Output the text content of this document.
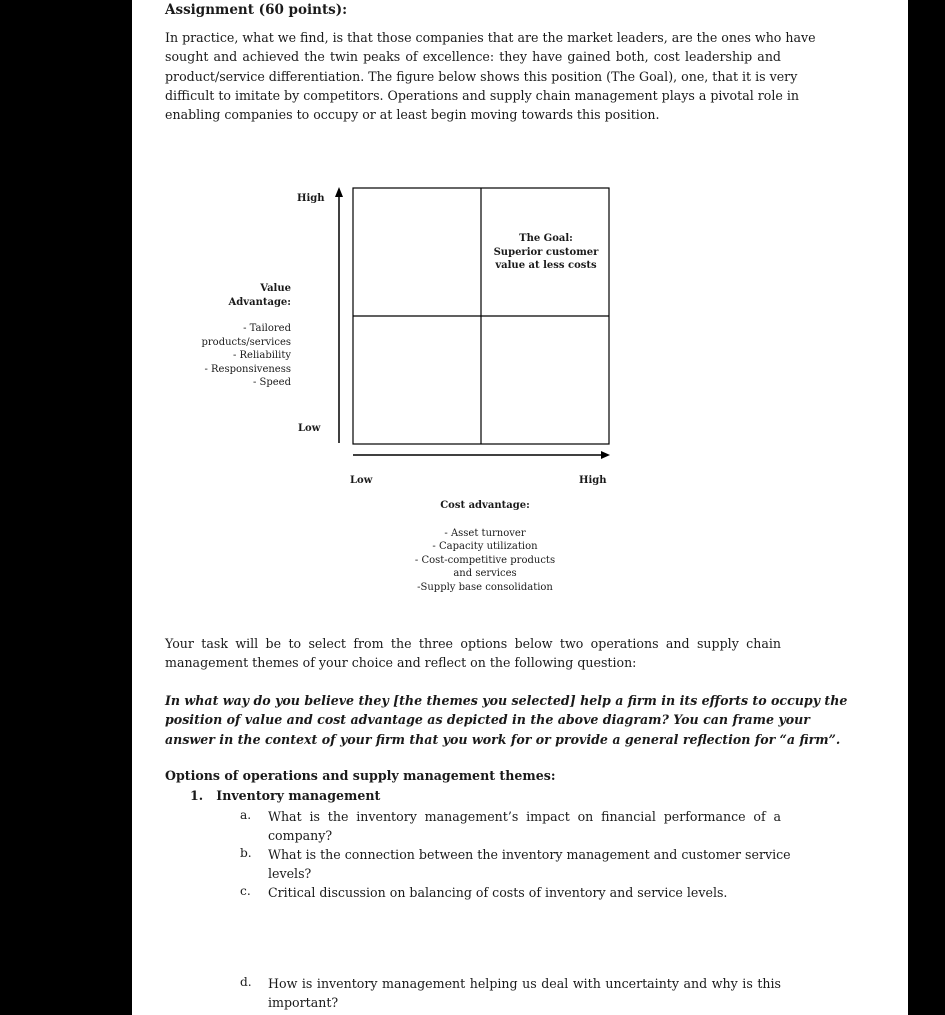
Assignment (60 points):
In practice, what we find, is that those companies that are the market leaders, are the ones who have
sought and achieved the twin peaks of excellence: they have gained both, cost leadership and
product/service differentiation. The figure below shows this position (The Goal), one, that it is very
difficult to imitate by competitors. Operations and supply chain management plays a pivotal role in
enabling companies to occupy or at least begin moving towards this position.
High
Low
Low	High
Value
Advantage:
- Tailored
products/services
- Reliability
- Responsiveness
- Speed
The Goal:
Superior customer
value at less costs
Cost advantage:
- Asset turnover
- Capacity utilization
- Cost-competitive products
and services
-Supply base consolidation
Your task will be to select from the three options below two operations and supply chain
management themes of your choice and reflect on the following question:
In what way do you believe they [the themes you selected] help a firm in its efforts to occupy the
position of value and cost advantage as depicted in the above diagram? You can frame your
answer in the context of your firm that you work for or provide a general reflection for “a firm”.
Options of operations and supply management themes:
1.   Inventory management
a. What is the inventory management’s impact on financial performance of a
company?
b. What is the connection between the inventory management and customer service
levels?
c. Critical discussion on balancing of costs of inventory and service levels.
d. How is inventory management helping us deal with uncertainty and why is this
important?
